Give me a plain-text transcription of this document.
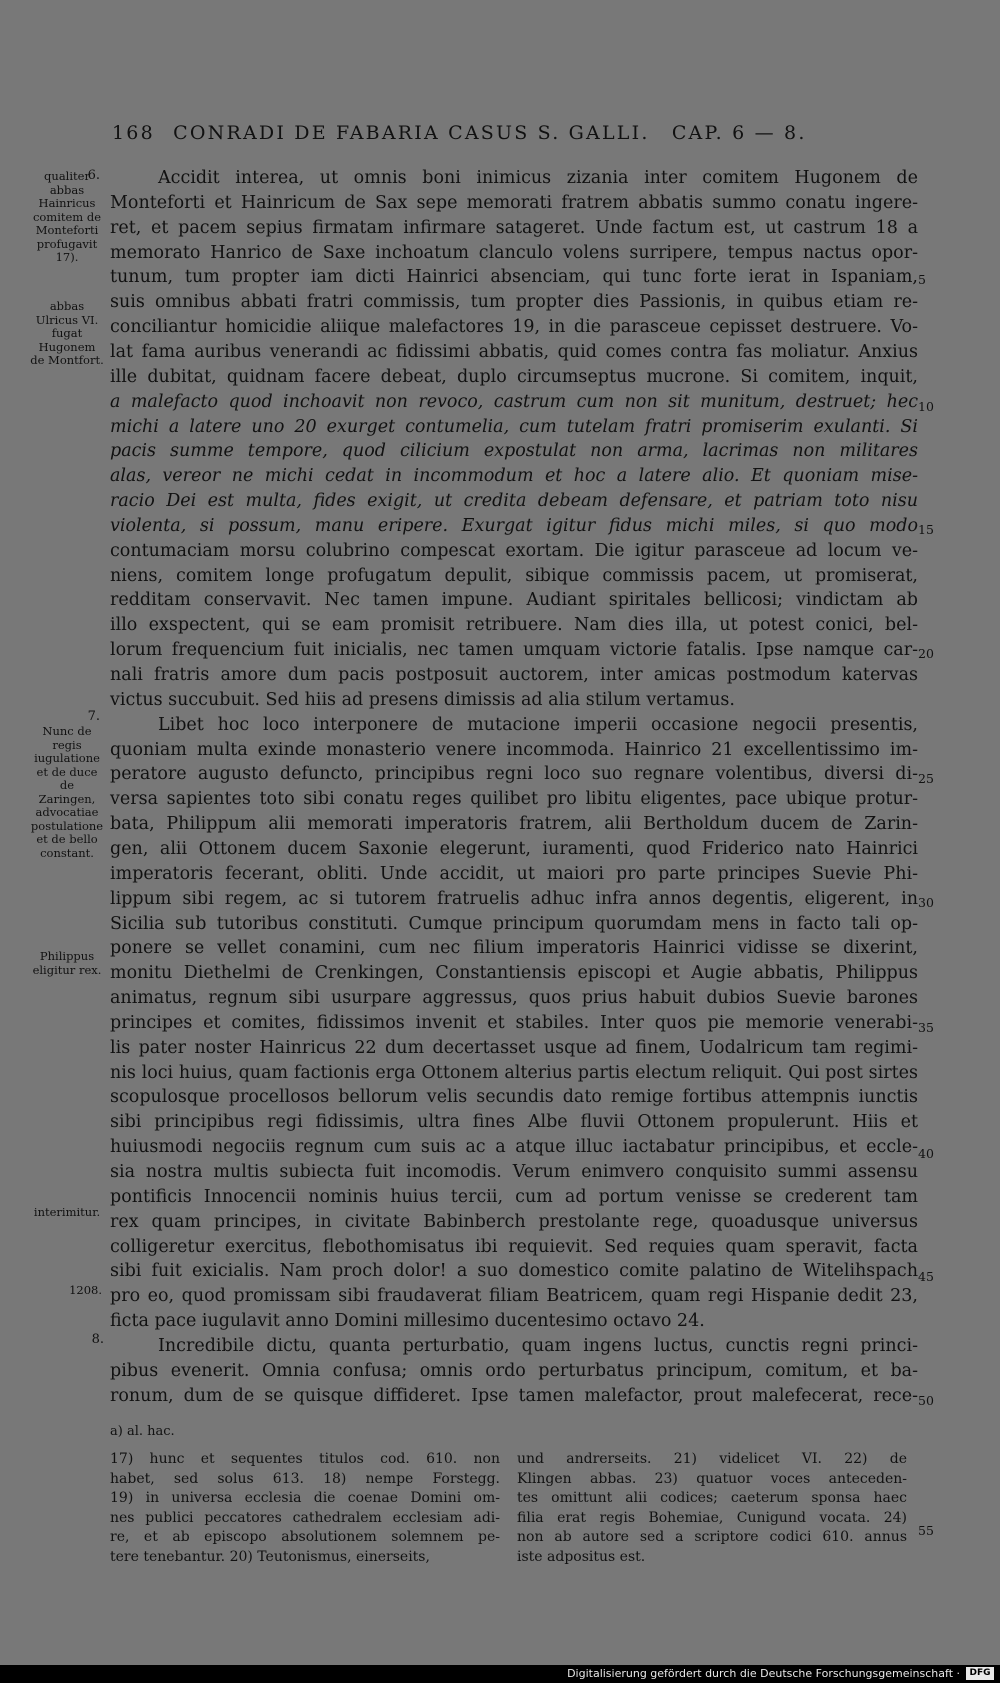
168 CONRADI DE FABARIA CASUS S. GALLI. CAP. 6 — 8.
qualiter abbas Hainricus comitem de Monteforti profugavit 17).
abbas Ulricus VI. fugat Hugonem de Montfort.
Nunc de regis iugulatione et de duce de Zaringen, advocatiae postulatione et de bello constant.
Philippus eligitur rex.
interimitur.
1208.
6.
7.
8.
5
10
15
20
25
30
35
40
45
50
Accidit interea, ut omnis boni inimicus zizania inter comitem Hugonem de
Monteforti et Hainricum de Sax sepe memorati fratrem abbatis summo conatu ingere-
ret, et pacem sepius firmatam infirmare satageret. Unde factum est, ut castrum 18 a
memorato Hanrico de Saxe inchoatum clanculo volens surripere, tempus nactus opor-
tunum, tum propter iam dicti Hainrici absenciam, qui tunc forte ierat in Ispaniam,
suis omnibus abbati fratri commissis, tum propter dies Passionis, in quibus etiam re-
conciliantur homicidie aliique malefactores 19, in die parasceue cepisset destruere. Vo-
lat fama auribus venerandi ac fidissimi abbatis, quid comes contra fas moliatur. Anxius
ille dubitat, quidnam facere debeat, duplo circumseptus mucrone. Si comitem, inquit,
a malefacto quod inchoavit non revoco, castrum cum non sit munitum, destruet; hec
michi a latere uno 20 exurget contumelia, cum tutelam fratri promiserim exulanti. Si
pacis summe tempore, quod cilicium expostulat non arma, lacrimas non militares
alas, vereor ne michi cedat in incommodum et hoc a latere alio. Et quoniam mise-
racio Dei est multa, fides exigit, ut credita debeam defensare, et patriam toto nisu
violenta, si possum, manu eripere. Exurgat igitur fidus michi miles, si quo modo
contumaciam morsu colubrino compescat exortam. Die igitur parasceue ad locum ve-
niens, comitem longe profugatum depulit, sibique commissis pacem, ut promiserat,
redditam conservavit. Nec tamen impune. Audiant spiritales bellicosi; vindictam ab
illo exspectent, qui se eam promisit retribuere. Nam dies illa, ut potest conici, bel-
lorum frequencium fuit inicialis, nec tamen umquam victorie fatalis. Ipse namque car-
nali fratris amore dum pacis postposuit auctorem, inter amicas postmodum katervas
victus succubuit. Sed hiis ad presens dimissis ad alia stilum vertamus.
Libet hoc loco interponere de mutacione imperii occasione negocii presentis,
quoniam multa exinde monasterio venere incommoda. Hainrico 21 excellentissimo im-
peratore augusto defuncto, principibus regni loco suo regnare volentibus, diversi di-
versa sapientes toto sibi conatu reges quilibet pro libitu eligentes, pace ubique protur-
bata, Philippum alii memorati imperatoris fratrem, alii Bertholdum ducem de Zarin-
gen, alii Ottonem ducem Saxonie elegerunt, iuramenti, quod Friderico nato Hainrici
imperatoris fecerant, obliti. Unde accidit, ut maiori pro parte principes Suevie Phi-
lippum sibi regem, ac si tutorem fratruelis adhuc infra annos degentis, eligerent, in
Sicilia sub tutoribus constituti. Cumque principum quorumdam mens in facto tali op-
ponere se vellet conamini, cum nec filium imperatoris Hainrici vidisse se dixerint,
monitu Diethelmi de Crenkingen, Constantiensis episcopi et Augie abbatis, Philippus
animatus, regnum sibi usurpare aggressus, quos prius habuit dubios Suevie barones
principes et comites, fidissimos invenit et stabiles. Inter quos pie memorie venerabi-
lis pater noster Hainricus 22 dum decertasset usque ad finem, Uodalricum tam regimi-
nis loci huius, quam factionis erga Ottonem alterius partis electum reliquit. Qui post sirtes
scopulosque procellosos bellorum velis secundis dato remige fortibus attempnis iunctis
sibi principibus regi fidissimis, ultra fines Albe fluvii Ottonem propulerunt. Hiis et
huiusmodi negociis regnum cum suis ac a atque illuc iactabatur principibus, et eccle-
sia nostra multis subiecta fuit incomodis. Verum enimvero conquisito summi assensu
pontificis Innocencii nominis huius tercii, cum ad portum venisse se crederent tam
rex quam principes, in civitate Babinberch prestolante rege, quoadusque universus
colligeretur exercitus, flebothomisatus ibi requievit. Sed requies quam speravit, facta
sibi fuit exicialis. Nam proch dolor! a suo domestico comite palatino de Witelihspach
pro eo, quod promissam sibi fraudaverat filiam Beatricem, quam regi Hispanie dedit 23,
ficta pace iugulavit anno Domini millesimo ducentesimo octavo 24.
Incredibile dictu, quanta perturbatio, quam ingens luctus, cunctis regni princi-
pibus evenerit. Omnia confusa; omnis ordo perturbatus principum, comitum, et ba-
ronum, dum de se quisque diffideret. Ipse tamen malefactor, prout malefecerat, rece-
a) al. hac.
17) hunc et sequentes titulos cod. 610. non
habet, sed solus 613. 18) nempe Forstegg.
19) in universa ecclesia die coenae Domini om-
nes publici peccatores cathedralem ecclesiam adi-
re, et ab episcopo absolutionem solemnem pe-
tere tenebantur. 20) Teutonismus, einerseits,
und andrerseits. 21) videlicet VI. 22) de
Klingen abbas. 23) quatuor voces anteceden-
tes omittunt alii codices; caeterum sponsa haec
filia erat regis Bohemiae, Cunigund vocata. 24)
non ab autore sed a scriptore codici 610. annus
iste adpositus est.
55
Digitalisierung gefördert durch die Deutsche Forschungsgemeinschaft ·	DFG
